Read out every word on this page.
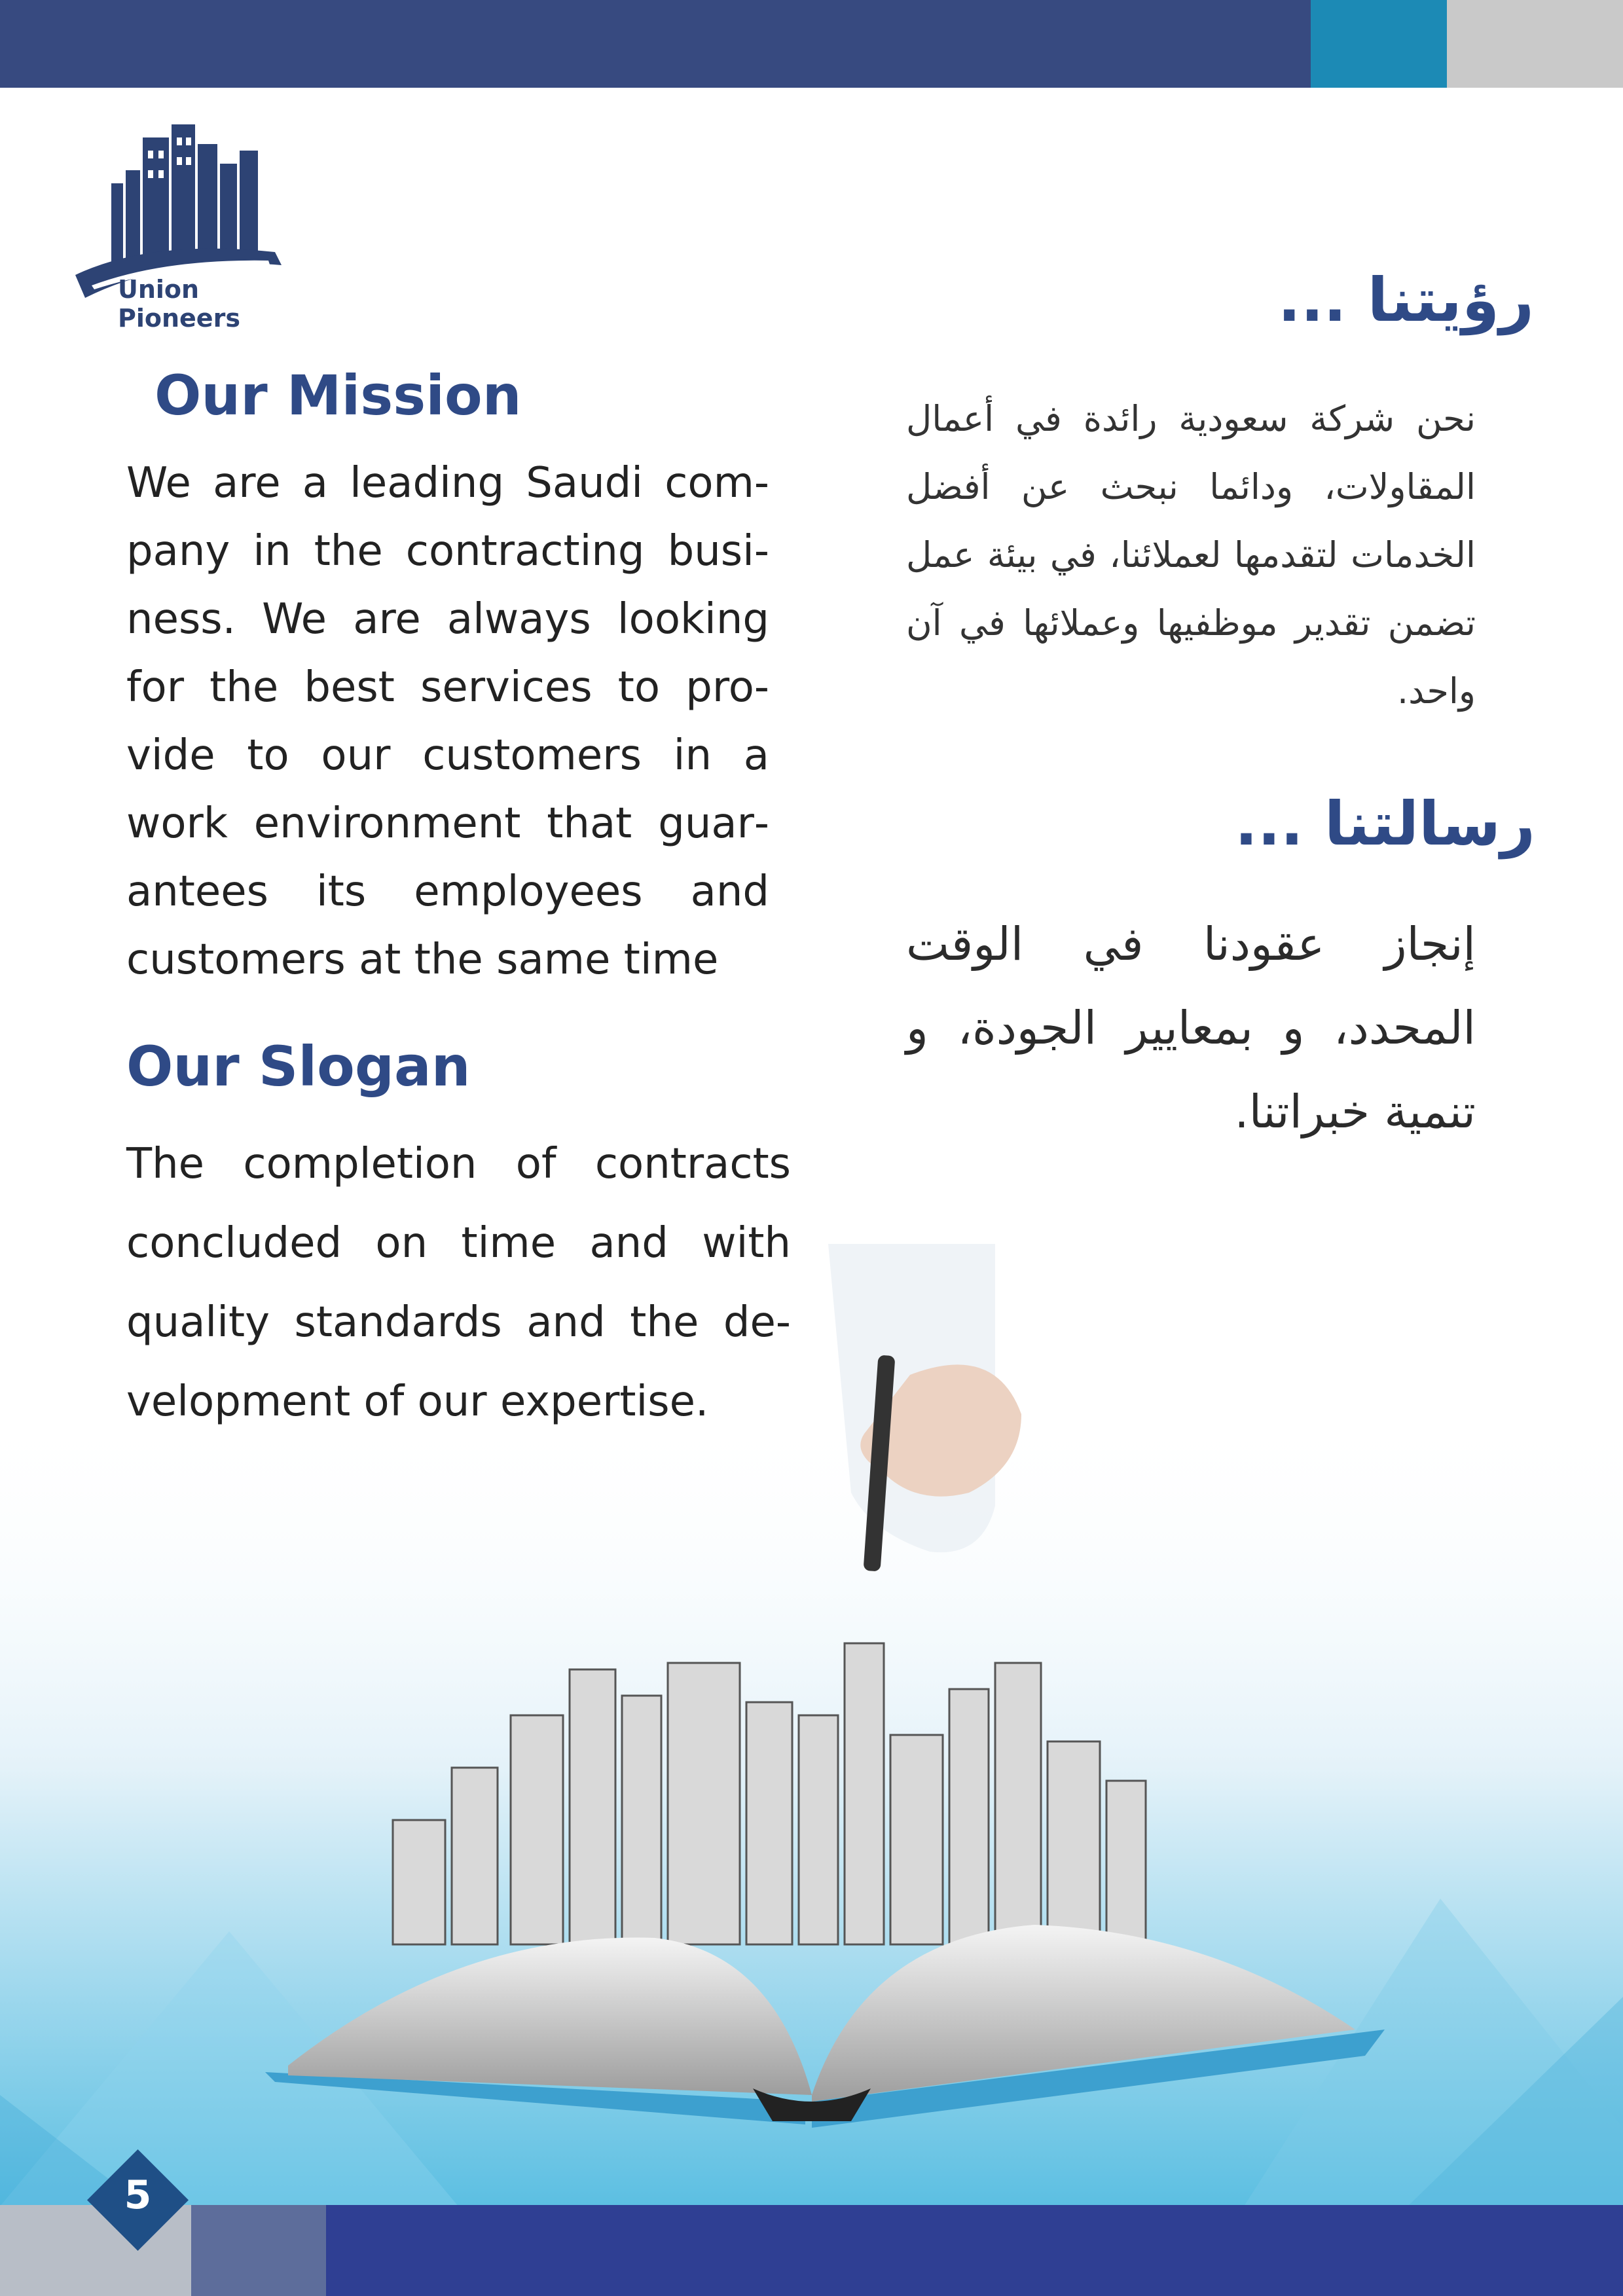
Union Pioneers
Our Mission

We are a leading Saudi company in the contracting business. We are always looking for the best services to provide to our customers in a work environment that guarantees its employees and customers at the same time

Our Slogan

The completion of contracts concluded on time and with quality standards and the development of our expertise.

رؤيتنا ...

نحن شركة سعودية رائدة في أعمال المقاولات، ودائما نبحث عن أفضل الخدمات لتقدمها لعملائنا، في بيئة عمل تضمن تقدير موظفيها وعملائها في آن واحد.

رسالتنا ...

إنجاز عقودنا في الوقت المحدد، و بمعايير الجودة، و تنمية خبراتنا.

5
